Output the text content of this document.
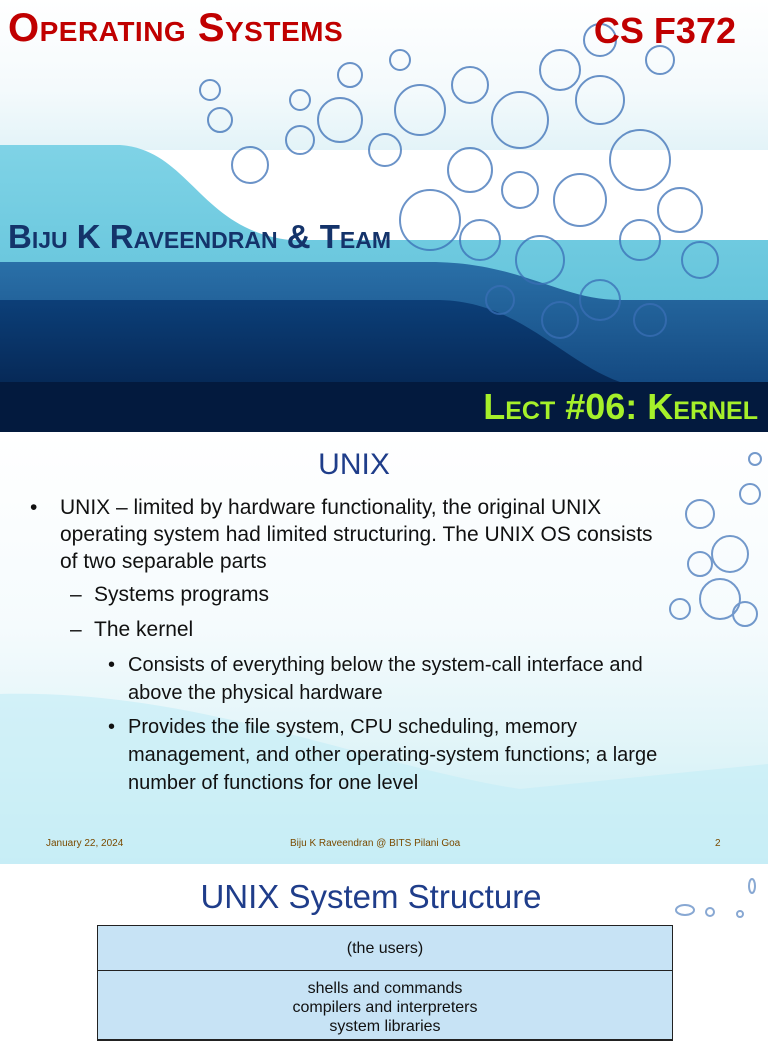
Operating Systems	CS F372
Biju K Raveendran & Team
Lect #06: Kernel
UNIX
• UNIX – limited by hardware functionality, the original UNIX operating system had limited structuring. The UNIX OS consists of two separable parts
– Systems programs
– The kernel
• Consists of everything below the system-call interface and above the physical hardware
• Provides the file system, CPU scheduling, memory management, and other operating-system functions; a large number of functions for one level
January 22, 2024	Biju K Raveendran @ BITS Pilani Goa	2
UNIX System Structure
(the users)
shells and commands
compilers and interpreters
system libraries
